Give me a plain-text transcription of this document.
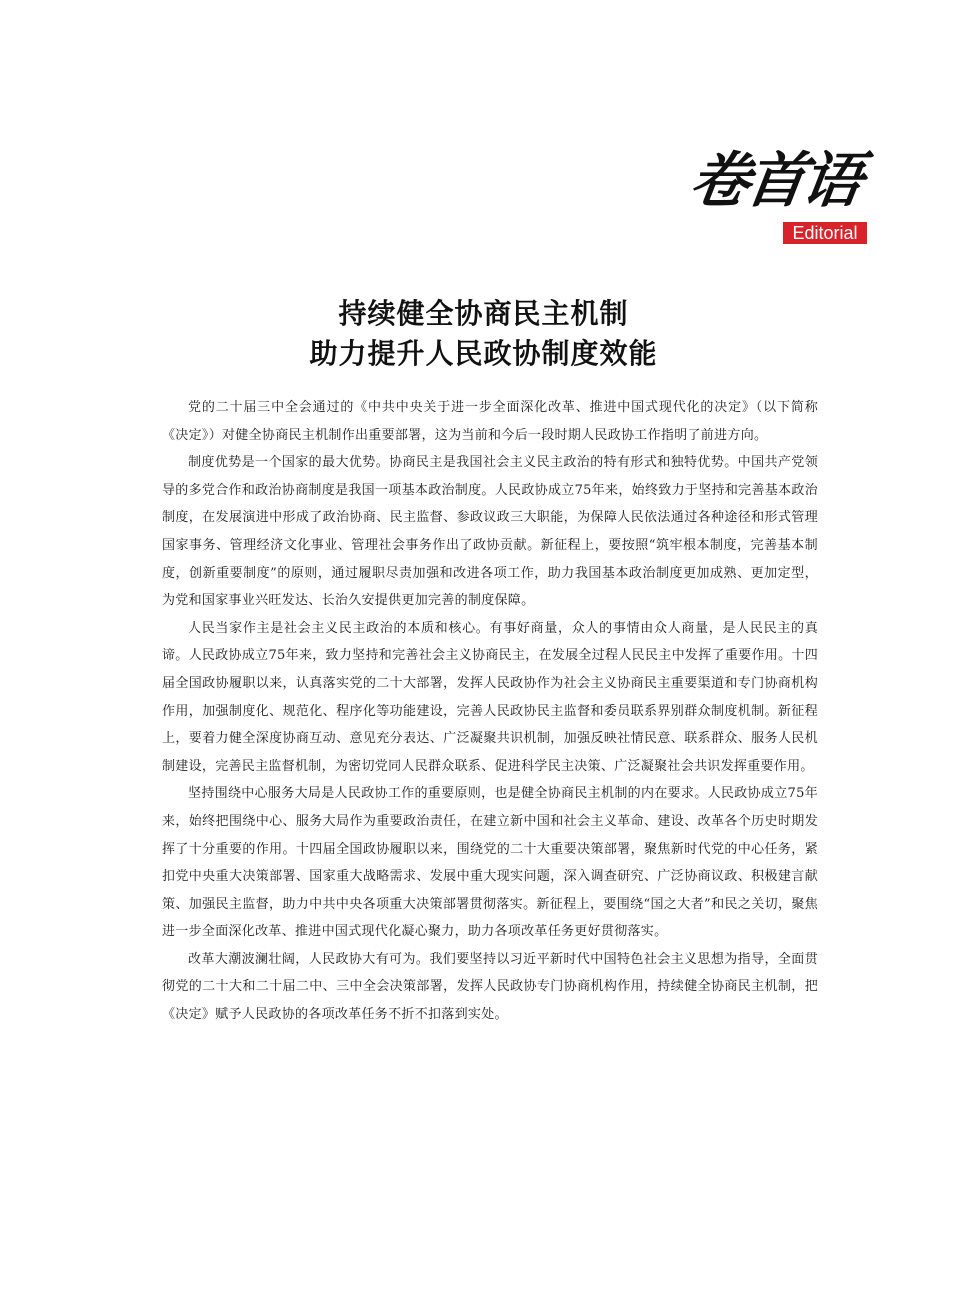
卷首语
Editorial
持续健全协商民主机制
助力提升人民政协制度效能

党的二十届三中全会通过的《中共中央关于进一步全面深化改革、推进中国式现代化的决定》（以下简称《决定》）对健全协商民主机制作出重要部署，这为当前和今后一段时期人民政协工作指明了前进方向。

制度优势是一个国家的最大优势。协商民主是我国社会主义民主政治的特有形式和独特优势。中国共产党领导的多党合作和政治协商制度是我国一项基本政治制度。人民政协成立75年来，始终致力于坚持和完善基本政治制度，在发展演进中形成了政治协商、民主监督、参政议政三大职能，为保障人民依法通过各种途径和形式管理国家事务、管理经济文化事业、管理社会事务作出了政协贡献。新征程上，要按照“筑牢根本制度，完善基本制度，创新重要制度”的原则，通过履职尽责加强和改进各项工作，助力我国基本政治制度更加成熟、更加定型，为党和国家事业兴旺发达、长治久安提供更加完善的制度保障。

人民当家作主是社会主义民主政治的本质和核心。有事好商量，众人的事情由众人商量，是人民民主的真谛。人民政协成立75年来，致力坚持和完善社会主义协商民主，在发展全过程人民民主中发挥了重要作用。十四届全国政协履职以来，认真落实党的二十大部署，发挥人民政协作为社会主义协商民主重要渠道和专门协商机构作用，加强制度化、规范化、程序化等功能建设，完善人民政协民主监督和委员联系界别群众制度机制。新征程上，要着力健全深度协商互动、意见充分表达、广泛凝聚共识机制，加强反映社情民意、联系群众、服务人民机制建设，完善民主监督机制，为密切党同人民群众联系、促进科学民主决策、广泛凝聚社会共识发挥重要作用。

坚持围绕中心服务大局是人民政协工作的重要原则，也是健全协商民主机制的内在要求。人民政协成立75年来，始终把围绕中心、服务大局作为重要政治责任，在建立新中国和社会主义革命、建设、改革各个历史时期发挥了十分重要的作用。十四届全国政协履职以来，围绕党的二十大重要决策部署，聚焦新时代党的中心任务，紧扣党中央重大决策部署、国家重大战略需求、发展中重大现实问题，深入调查研究、广泛协商议政、积极建言献策、加强民主监督，助力中共中央各项重大决策部署贯彻落实。新征程上，要围绕“国之大者”和民之关切，聚焦进一步全面深化改革、推进中国式现代化凝心聚力，助力各项改革任务更好贯彻落实。

改革大潮波澜壮阔，人民政协大有可为。我们要坚持以习近平新时代中国特色社会主义思想为指导，全面贯彻党的二十大和二十届二中、三中全会决策部署，发挥人民政协专门协商机构作用，持续健全协商民主机制，把《决定》赋予人民政协的各项改革任务不折不扣落到实处。
